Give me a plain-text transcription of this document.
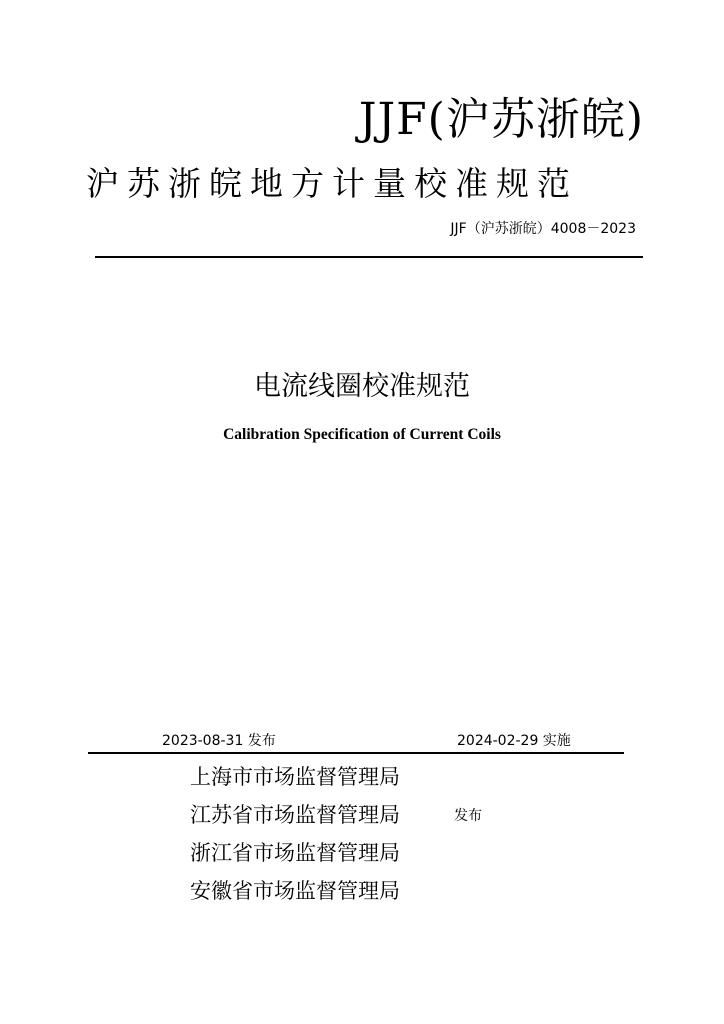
JJF(沪苏浙皖)
沪苏浙皖地方计量校准规范
JJF（沪苏浙皖）4008－2023
电流线圈校准规范
Calibration Specification of Current Coils
2023-08-31 发布	2024-02-29 实施
上海市市场监督管理局
江苏省市场监督管理局	发布
浙江省市场监督管理局
安徽省市场监督管理局
